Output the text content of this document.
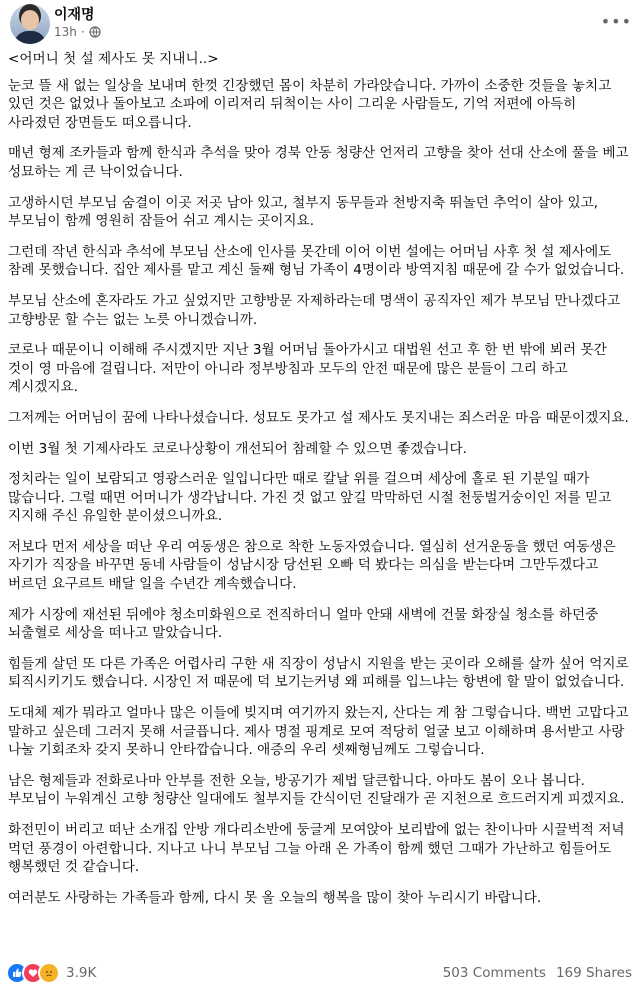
이재명
13h ·
•••

<어머니 첫 설 제사도 못 지내니..>

눈코 뜰 새 없는 일상을 보내며 한껏 긴장했던 몸이 차분히 가라앉습니다. 가까이 소중한 것들을 놓치고 있던 것은 없었나 돌아보고 소파에 이리저리 뒤척이는 사이 그리운 사람들도, 기억 저편에 아득히 사라졌던 장면들도 떠오릅니다.

매년 형제 조카들과 함께 한식과 추석을 맞아 경북 안동 청량산 언저리 고향을 찾아 선대 산소에 풀을 베고 성묘하는 게 큰 낙이었습니다.

고생하시던 부모님 숨결이 이곳 저곳 남아 있고, 철부지 동무들과 천방지축 뛰놀던 추억이 살아 있고, 부모님이 함께 영원히 잠들어 쉬고 계시는 곳이지요.

그런데 작년 한식과 추석에 부모님 산소에 인사를 못간데 이어 이번 설에는 어머님 사후 첫 설 제사에도 참례 못했습니다. 집안 제사를 맡고 계신 둘째 형님 가족이 4명이라 방역지침 때문에 갈 수가 없었습니다.

부모님 산소에 혼자라도 가고 싶었지만 고향방문 자제하라는데 명색이 공직자인 제가 부모님 만나겠다고 고향방문 할 수는 없는 노릇 아니겠습니까.

코로나 때문이니 이해해 주시겠지만 지난 3월 어머님 돌아가시고 대법원 선고 후 한 번 밖에 뵈러 못간 것이 영 마음에 걸립니다. 저만이 아니라 정부방침과 모두의 안전 때문에 많은 분들이 그리 하고 계시겠지요.

그저께는 어머님이 꿈에 나타나셨습니다. 성묘도 못가고 설 제사도 못지내는 죄스러운 마음 때문이겠지요.

이번 3월 첫 기제사라도 코로나상황이 개선되어 참례할 수 있으면 좋겠습니다.

정치라는 일이 보람되고 영광스러운 일입니다만 때로 칼날 위를 걸으며 세상에 홀로 된 기분일 때가 많습니다. 그럴 때면 어머니가 생각납니다. 가진 것 없고 앞길 막막하던 시절 천둥벌거숭이인 저를 믿고 지지해 주신 유일한 분이셨으니까요.

저보다 먼저 세상을 떠난 우리 여동생은 참으로 착한 노동자였습니다. 열심히 선거운동을 했던 여동생은 자기가 직장을 바꾸면 동네 사람들이 성남시장 당선된 오빠 덕 봤다는 의심을 받는다며 그만두겠다고 버르던 요구르트 배달 일을 수년간 계속했습니다.

제가 시장에 재선된 뒤에야 청소미화원으로 전직하더니 얼마 안돼 새벽에 건물 화장실 청소를 하던중 뇌출혈로 세상을 떠나고 말았습니다.

힘들게 살던 또 다른 가족은 어렵사리 구한 새 직장이 성남시 지원을 받는 곳이라 오해를 살까 싶어 억지로 퇴직시키기도 했습니다. 시장인 저 때문에 덕 보기는커녕 왜 피해를 입느냐는 항변에 할 말이 없었습니다.

도대체 제가 뭐라고 얼마나 많은 이들에 빚지며 여기까지 왔는지, 산다는 게 참 그렇습니다. 백번 고맙다고 말하고 싶은데 그러지 못해 서글픕니다. 제사 명절 핑계로 모여 적당히 얼굴 보고 이해하며 용서받고 사랑 나눌 기회조차 갖지 못하니 안타깝습니다. 애증의 우리 셋째형님께도 그렇습니다.

남은 형제들과 전화로나마 안부를 전한 오늘, 방공기가 제법 달큰합니다. 아마도 봄이 오나 봅니다. 부모님이 누워계신 고향 청량산 일대에도 철부지들 간식이던 진달래가 곧 지천으로 흐드러지게 피겠지요.

화전민이 버리고 떠난 소개집 안방 개다리소반에 둥글게 모여앉아 보리밥에 없는 찬이나마 시끌벅적 저녁 먹던 풍경이 아련합니다. 지나고 나니 부모님 그늘 아래 온 가족이 함께 했던 그때가 가난하고 힘들어도 행복했던 것 같습니다.

여러분도 사랑하는 가족들과 함께, 다시 못 올 오늘의 행복을 많이 찾아 누리시기 바랍니다.

3.9K	503 Comments 169 Shares
